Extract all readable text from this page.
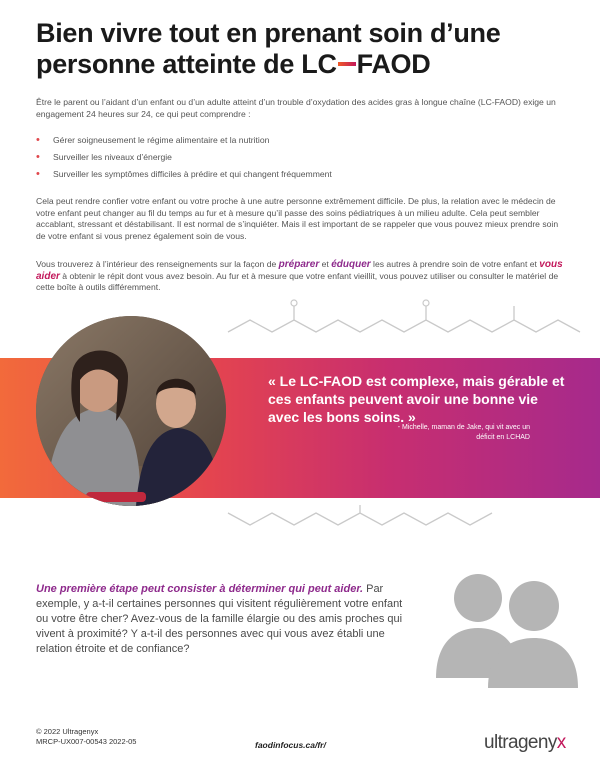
Bien vivre tout en prenant soin d’une personne atteinte de LC FAOD

Être le parent ou l’aidant d’un enfant ou d’un adulte atteint d’un trouble d’oxydation des acides gras à longue chaîne (LC-FAOD) exige un engagement 24 heures sur 24, ce qui peut comprendre :

• Gérer soigneusement le régime alimentaire et la nutrition
• Surveiller les niveaux d’énergie
• Surveiller les symptômes difficiles à prédire et qui changent fréquemment

Cela peut rendre confier votre enfant ou votre proche à une autre personne extrêmement difficile. De plus, la relation avec le médecin de votre enfant peut changer au fil du temps au fur et à mesure qu’il passe des soins pédiatriques à un milieu adulte. Cela peut sembler accablant, stressant et déstabilisant. Il est normal de s’inquiéter. Mais il est important de se rappeler que vous pouvez mieux prendre soin de votre enfant si vous prenez également soin de vous.

Vous trouverez à l’intérieur des renseignements sur la façon de préparer et éduquer les autres à prendre soin de votre enfant et vous aider à obtenir le répit dont vous avez besoin. Au fur et à mesure que votre enfant vieillit, vous pouvez utiliser ou consulter le matériel de cette boîte à outils différemment.

« Le LC-FAOD est complexe, mais gérable et ces enfants peuvent avoir une bonne vie avec les bons soins. »

- Michelle, maman de Jake, qui vit avec un déficit en LCHAD

Une première étape peut consister à déterminer qui peut aider. Par exemple, y a-t-il certaines personnes qui visitent régulièrement votre enfant ou votre être cher? Avez-vous de la famille élargie ou des amis proches qui vivent à proximité? Y a-t-il des personnes avec qui vous avez établi une relation étroite et de confiance?

© 2022 Ultragenyx
MRCP-UX007-00543 2022-05	faodinfocus.ca/fr/	ultragenyx
